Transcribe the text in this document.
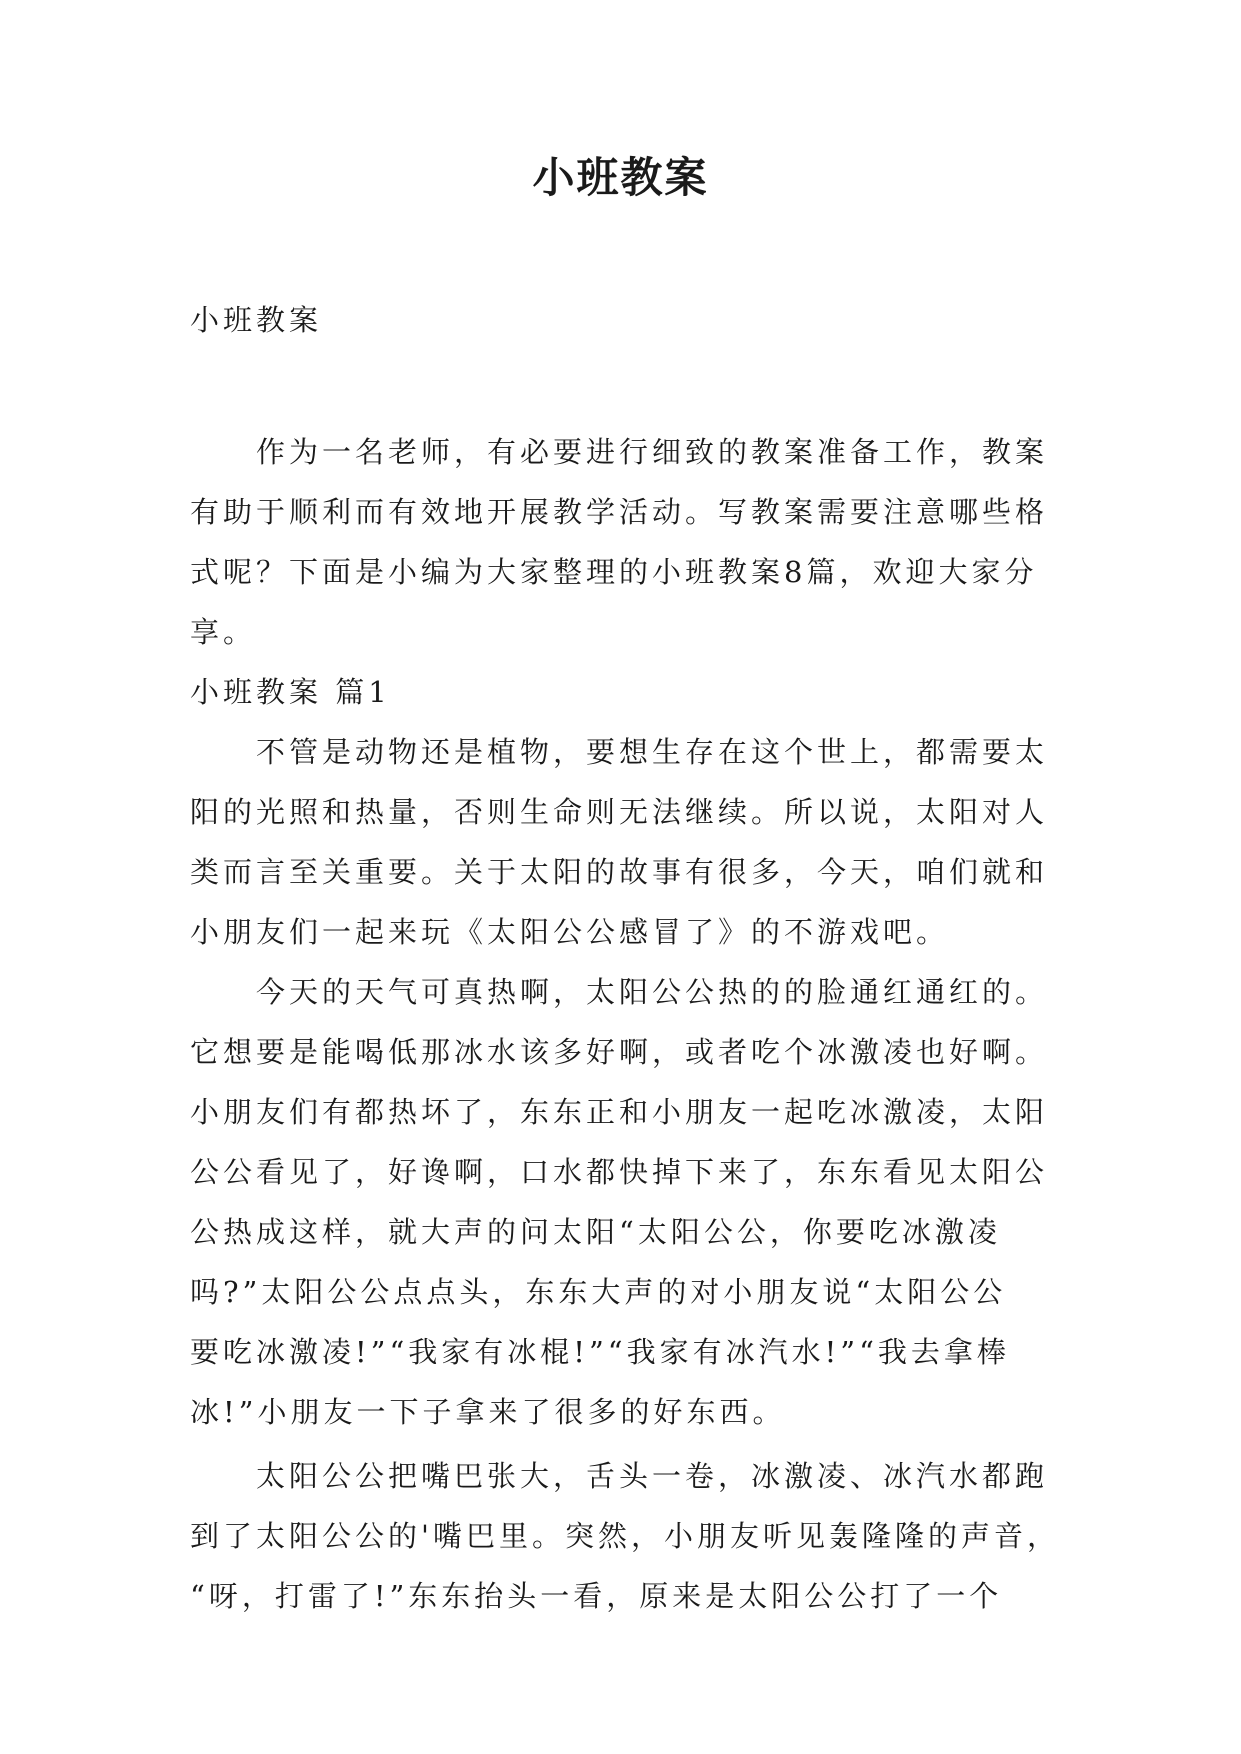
小班教案
小班教案
作为一名老师，有必要进行细致的教案准备工作，教案
有助于顺利而有效地开展教学活动。写教案需要注意哪些格
式呢？下面是小编为大家整理的小班教案8篇，欢迎大家分
享。
小班教案 篇1
不管是动物还是植物，要想生存在这个世上，都需要太
阳的光照和热量，否则生命则无法继续。所以说，太阳对人
类而言至关重要。关于太阳的故事有很多，今天，咱们就和
小朋友们一起来玩《太阳公公感冒了》的不游戏吧。
今天的天气可真热啊，太阳公公热的的脸通红通红的。
它想要是能喝低那冰水该多好啊，或者吃个冰激凌也好啊。
小朋友们有都热坏了，东东正和小朋友一起吃冰激凌，太阳
公公看见了，好谗啊，口水都快掉下来了，东东看见太阳公
公热成这样，就大声的问太阳“太阳公公，你要吃冰激凌
吗?”太阳公公点点头，东东大声的对小朋友说“太阳公公
要吃冰激凌!”“我家有冰棍!”“我家有冰汽水!”“我去拿棒
冰!”小朋友一下子拿来了很多的好东西。
太阳公公把嘴巴张大，舌头一卷，冰激凌、冰汽水都跑
到了太阳公公的'嘴巴里。突然，小朋友听见轰隆隆的声音，
“呀，打雷了!”东东抬头一看，原来是太阳公公打了一个
